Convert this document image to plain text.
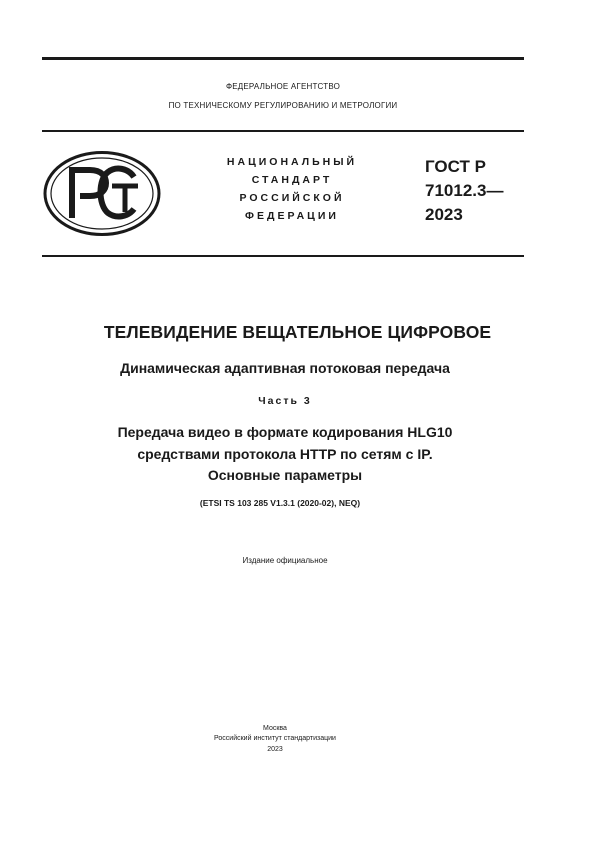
ФЕДЕРАЛЬНОЕ АГЕНТСТВО
ПО ТЕХНИЧЕСКОМУ РЕГУЛИРОВАНИЮ И МЕТРОЛОГИИ
НАЦИОНАЛЬНЫЙ
СТАНДАРТ
РОССИЙСКОЙ
ФЕДЕРАЦИИ
ГОСТ Р
71012.3—
2023
ТЕЛЕВИДЕНИЕ ВЕЩАТЕЛЬНОЕ ЦИФРОВОЕ
Динамическая адаптивная потоковая передача
Часть 3
Передача видео в формате кодирования HLG10
средствами протокола HTTP по сетям с IP.
Основные параметры
(ETSI TS 103 285 V1.3.1 (2020-02), NEQ)
Издание официальное
Москва
Российский институт стандартизации
2023
